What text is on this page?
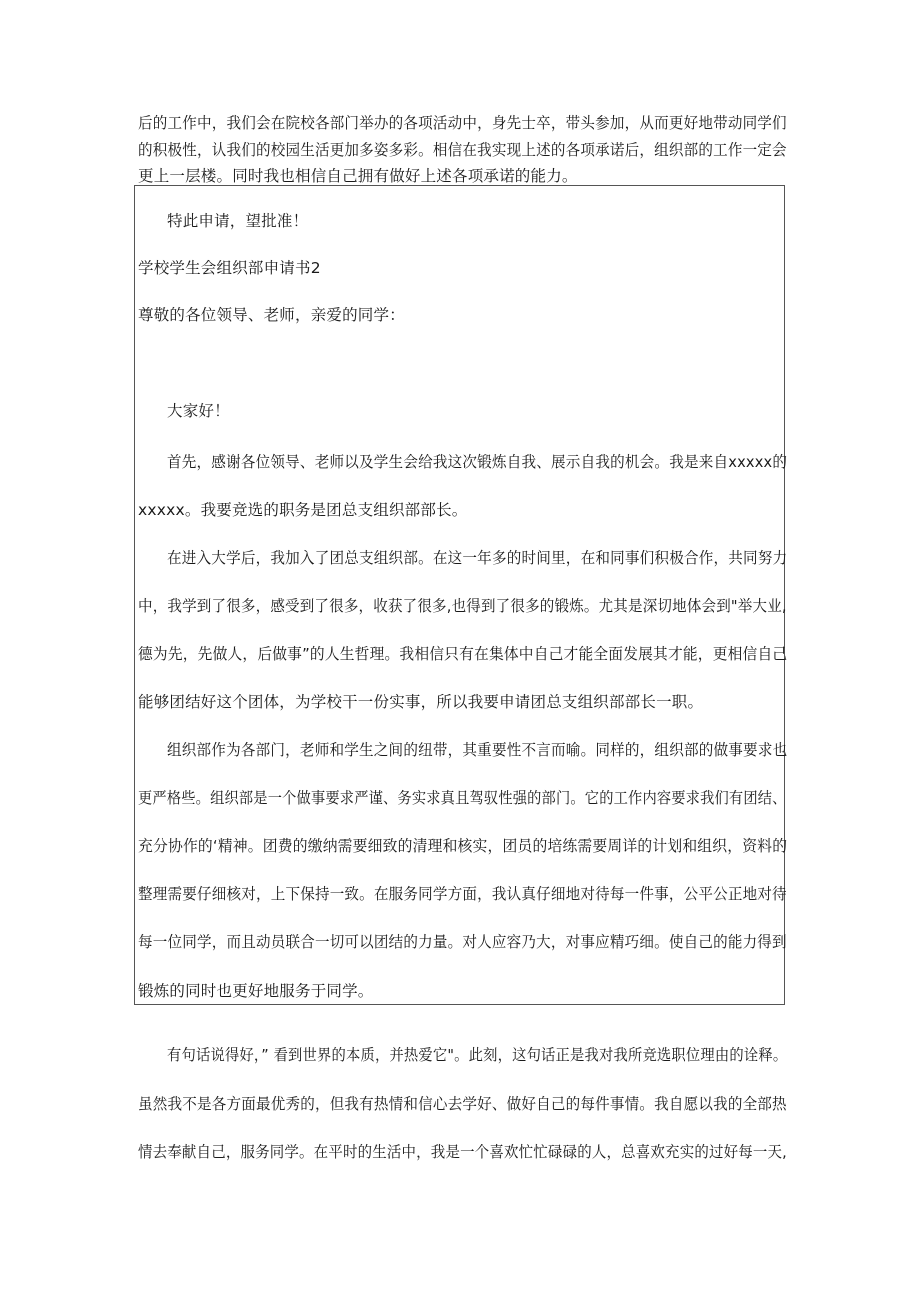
后的工作中，我们会在院校各部门举办的各项活动中，身先士卒，带头参加，从而更好地带动同学们
的积极性，认我们的校园生活更加多姿多彩。相信在我实现上述的各项承诺后，组织部的工作一定会
更上一层楼。同时我也相信自己拥有做好上述各项承诺的能力。
特此申请，望批准！
学校学生会组织部申请书2
尊敬的各位领导、老师，亲爱的同学：
大家好！
首先，感谢各位领导、老师以及学生会给我这次锻炼自我、展示自我的机会。我是来自xxxxx的
xxxxx。我要竞选的职务是团总支组织部部长。
在进入大学后，我加入了团总支组织部。在这一年多的时间里，在和同事们积极合作，共同努力
中，我学到了很多，感受到了很多，收获了很多,也得到了很多的锻炼。尤其是深切地体会到"举大业,
德为先，先做人，后做事”的人生哲理。我相信只有在集体中自己才能全面发展其才能，更相信自己
能够团结好这个团体，为学校干一份实事，所以我要申请团总支组织部部长一职。
组织部作为各部门，老师和学生之间的纽带，其重要性不言而喻。同样的，组织部的做事要求也
更严格些。组织部是一个做事要求严谨、务实求真且驾驭性强的部门。它的工作内容要求我们有团结、
充分协作的‘精神。团费的缴纳需要细致的清理和核实，团员的培练需要周详的计划和组织，资料的
整理需要仔细核对，上下保持一致。在服务同学方面，我认真仔细地对待每一件事，公平公正地对待
每一位同学，而且动员联合一切可以团结的力量。对人应容乃大，对事应精巧细。使自己的能力得到
锻炼的同时也更好地服务于同学。
有句话说得好，” 看到世界的本质，并热爱它"。此刻，这句话正是我对我所竞选职位理由的诠释。
虽然我不是各方面最优秀的，但我有热情和信心去学好、做好自己的每件事情。我自愿以我的全部热
情去奉献自己，服务同学。在平时的生活中，我是一个喜欢忙忙碌碌的人，总喜欢充实的过好每一天,
